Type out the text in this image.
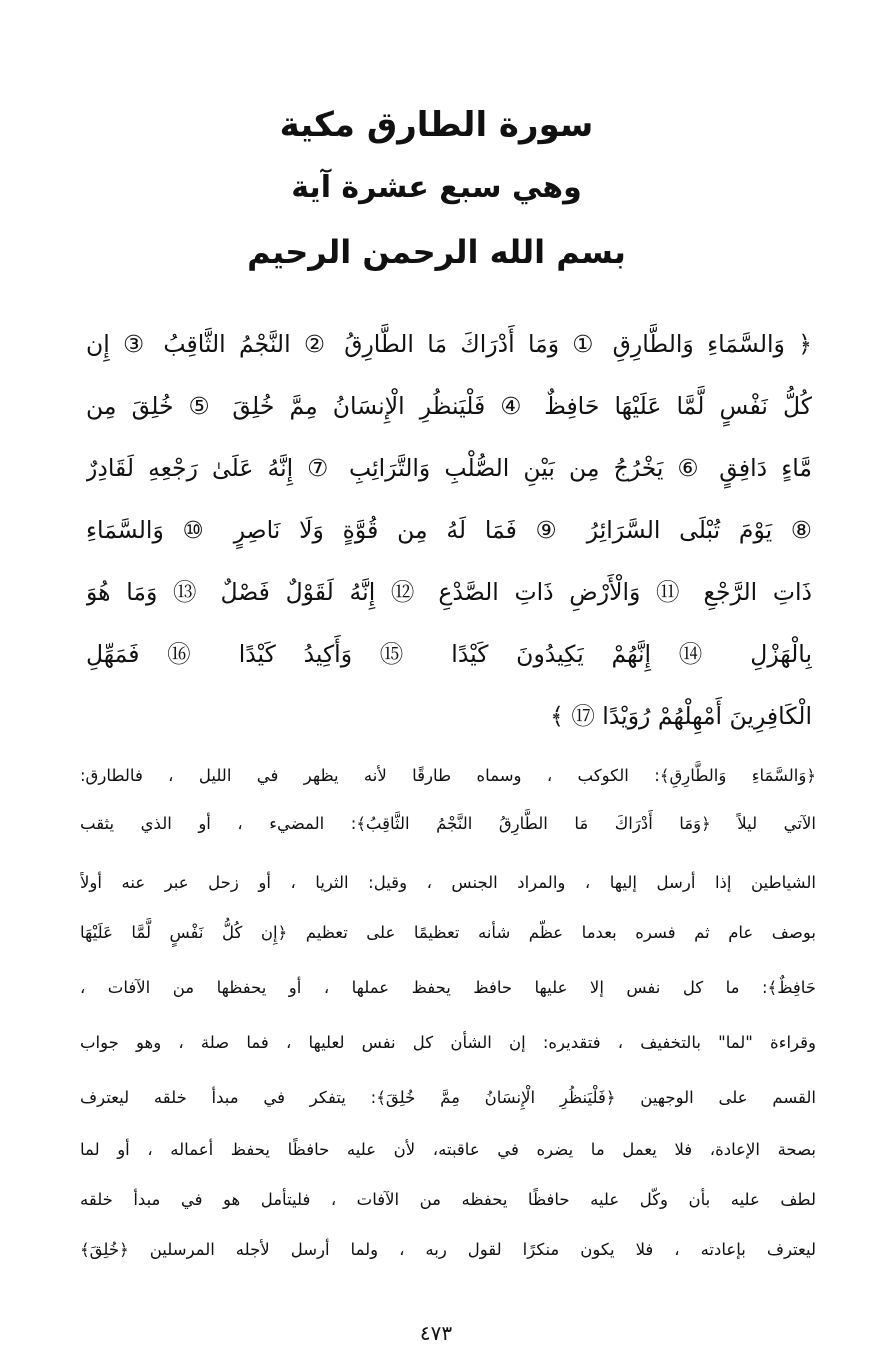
سورة الطارق مكية
وهي سبع عشرة آية
بسم الله الرحمن الرحيم
﴿ وَالسَّمَاءِ وَالطَّارِقِ ① وَمَا أَدْرَاكَ مَا الطَّارِقُ ② النَّجْمُ الثَّاقِبُ ③ إِن
كُلُّ نَفْسٍ لَّمَّا عَلَيْهَا حَافِظٌ ④ فَلْيَنظُرِ الْإِنسَانُ مِمَّ خُلِقَ ⑤ خُلِقَ مِن
مَّاءٍ دَافِقٍ ⑥ يَخْرُجُ مِن بَيْنِ الصُّلْبِ وَالتَّرَائِبِ ⑦ إِنَّهُ عَلَىٰ رَجْعِهِ لَقَادِرٌ
⑧ يَوْمَ تُبْلَى السَّرَائِرُ ⑨ فَمَا لَهُ مِن قُوَّةٍ وَلَا نَاصِرٍ ⑩ وَالسَّمَاءِ
ذَاتِ الرَّجْعِ ⑪ وَالْأَرْضِ ذَاتِ الصَّدْعِ ⑫ إِنَّهُ لَقَوْلٌ فَصْلٌ ⑬ وَمَا هُوَ
بِالْهَزْلِ ⑭ إِنَّهُمْ يَكِيدُونَ كَيْدًا ⑮ وَأَكِيدُ كَيْدًا ⑯ فَمَهِّلِ
الْكَافِرِينَ أَمْهِلْهُمْ رُوَيْدًا ⑰ ﴾
﴿وَالسَّمَاءِ وَالطَّارِقِ﴾: الكوكب ، وسماه طارقًا لأنه يظهر في الليل ، فالطارق:
الآتي ليلاً ﴿وَمَا أَدْرَاكَ مَا الطَّارِقُ النَّجْمُ الثَّاقِبُ﴾: المضيء ، أو الذي يثقب
الشياطين إذا أرسل إليها ، والمراد الجنس ، وقيل: الثريا ، أو زحل عبر عنه أولاً
بوصف عام ثم فسره بعدما عظّم شأنه تعظيمًا على تعظيم ﴿إِن كُلُّ نَفْسٍ لَّمَّا عَلَيْهَا
حَافِظٌ﴾: ما كل نفس إلا عليها حافظ يحفظ عملها ، أو يحفظها من الآفات ،
وقراءة "لما" بالتخفيف ، فتقديره: إن الشأن كل نفس لعليها ، فما صلة ، وهو جواب
القسم على الوجهين ﴿فَلْيَنظُرِ الْإِنسَانُ مِمَّ خُلِقَ﴾: يتفكر في مبدأ خلقه ليعترف
بصحة الإعادة، فلا يعمل ما يضره في عاقبته، لأن عليه حافظًا يحفظ أعماله ، أو لما
لطف عليه بأن وكّل عليه حافظًا يحفظه من الآفات ، فليتأمل هو في مبدأ خلقه
ليعترف بإعادته ، فلا يكون منكرًا لقول ربه ، ولما أرسل لأجله المرسلين ﴿خُلِقَ﴾
٤٧٣
